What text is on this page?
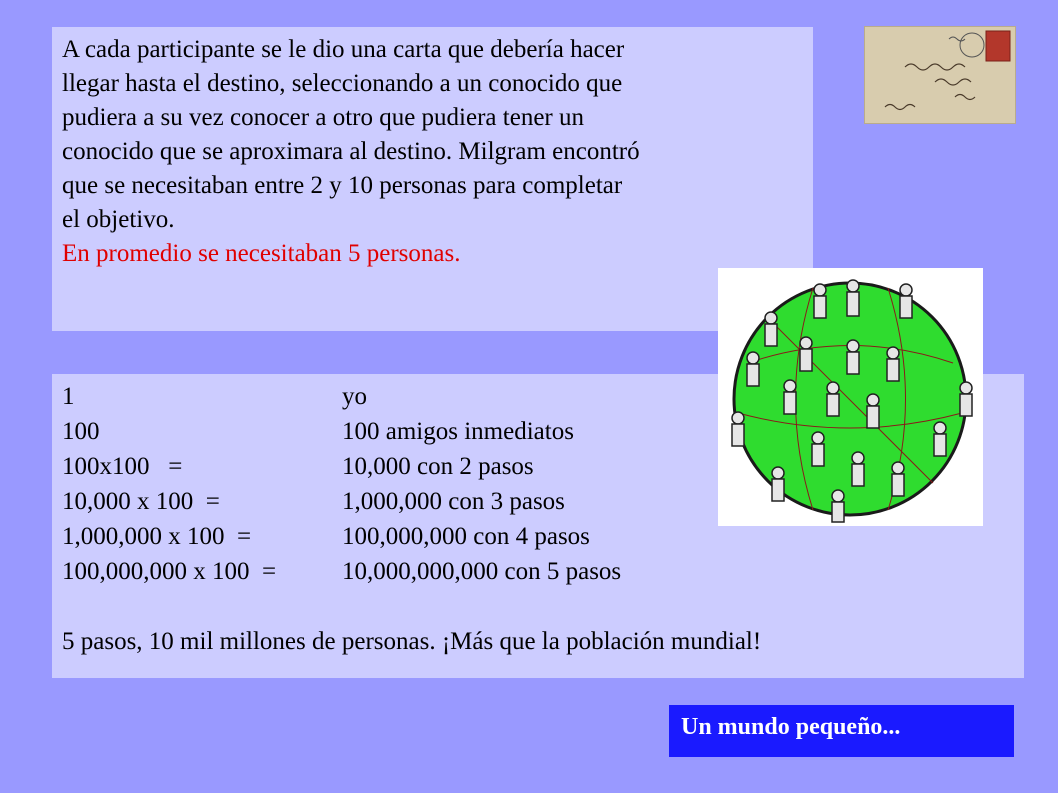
A cada participante se le dio una carta que debería hacer

llegar hasta el destino, seleccionando a un conocido que

pudiera a su vez conocer a otro que pudiera tener un

conocido que se aproximara al destino. Milgram encontró

que se necesitaban entre 2 y 10 personas para completar

el objetivo.

En promedio se necesitaban 5 personas.

1	yo
100	100 amigos inmediatos
100x100   =	10,000 con 2 pasos
10,000 x 100  =	1,000,000 con 3 pasos
1,000,000 x 100  =	100,000,000 con 4 pasos
100,000,000 x 100  =	10,000,000,000 con 5 pasos
5 pasos, 10 mil millones de personas. ¡Más que la población mundial!
Un mundo pequeño...
